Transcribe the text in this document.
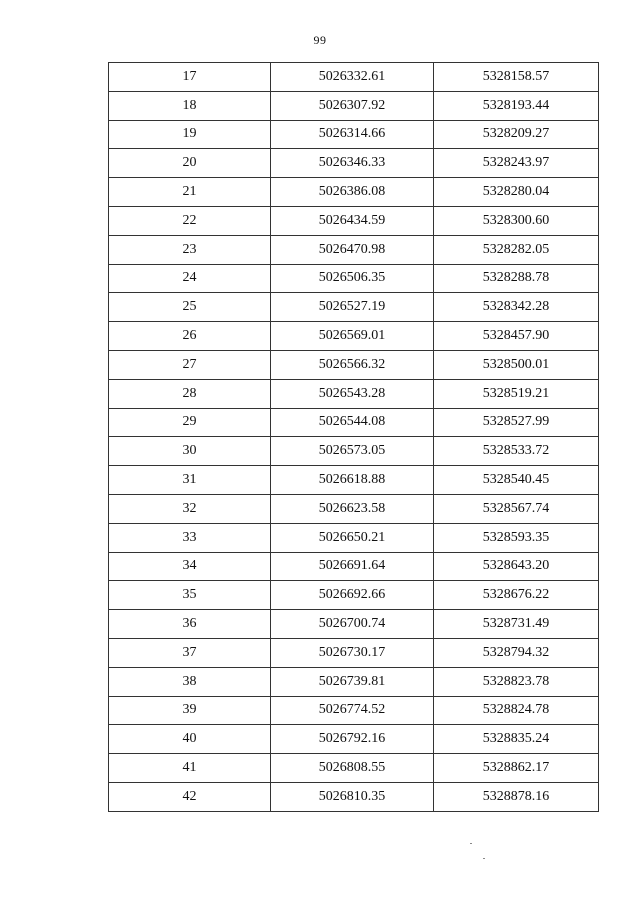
99
17	5026332.61	5328158.57
18	5026307.92	5328193.44
19	5026314.66	5328209.27
20	5026346.33	5328243.97
21	5026386.08	5328280.04
22	5026434.59	5328300.60
23	5026470.98	5328282.05
24	5026506.35	5328288.78
25	5026527.19	5328342.28
26	5026569.01	5328457.90
27	5026566.32	5328500.01
28	5026543.28	5328519.21
29	5026544.08	5328527.99
30	5026573.05	5328533.72
31	5026618.88	5328540.45
32	5026623.58	5328567.74
33	5026650.21	5328593.35
34	5026691.64	5328643.20
35	5026692.66	5328676.22
36	5026700.74	5328731.49
37	5026730.17	5328794.32
38	5026739.81	5328823.78
39	5026774.52	5328824.78
40	5026792.16	5328835.24
41	5026808.55	5328862.17
42	5026810.35	5328878.16
